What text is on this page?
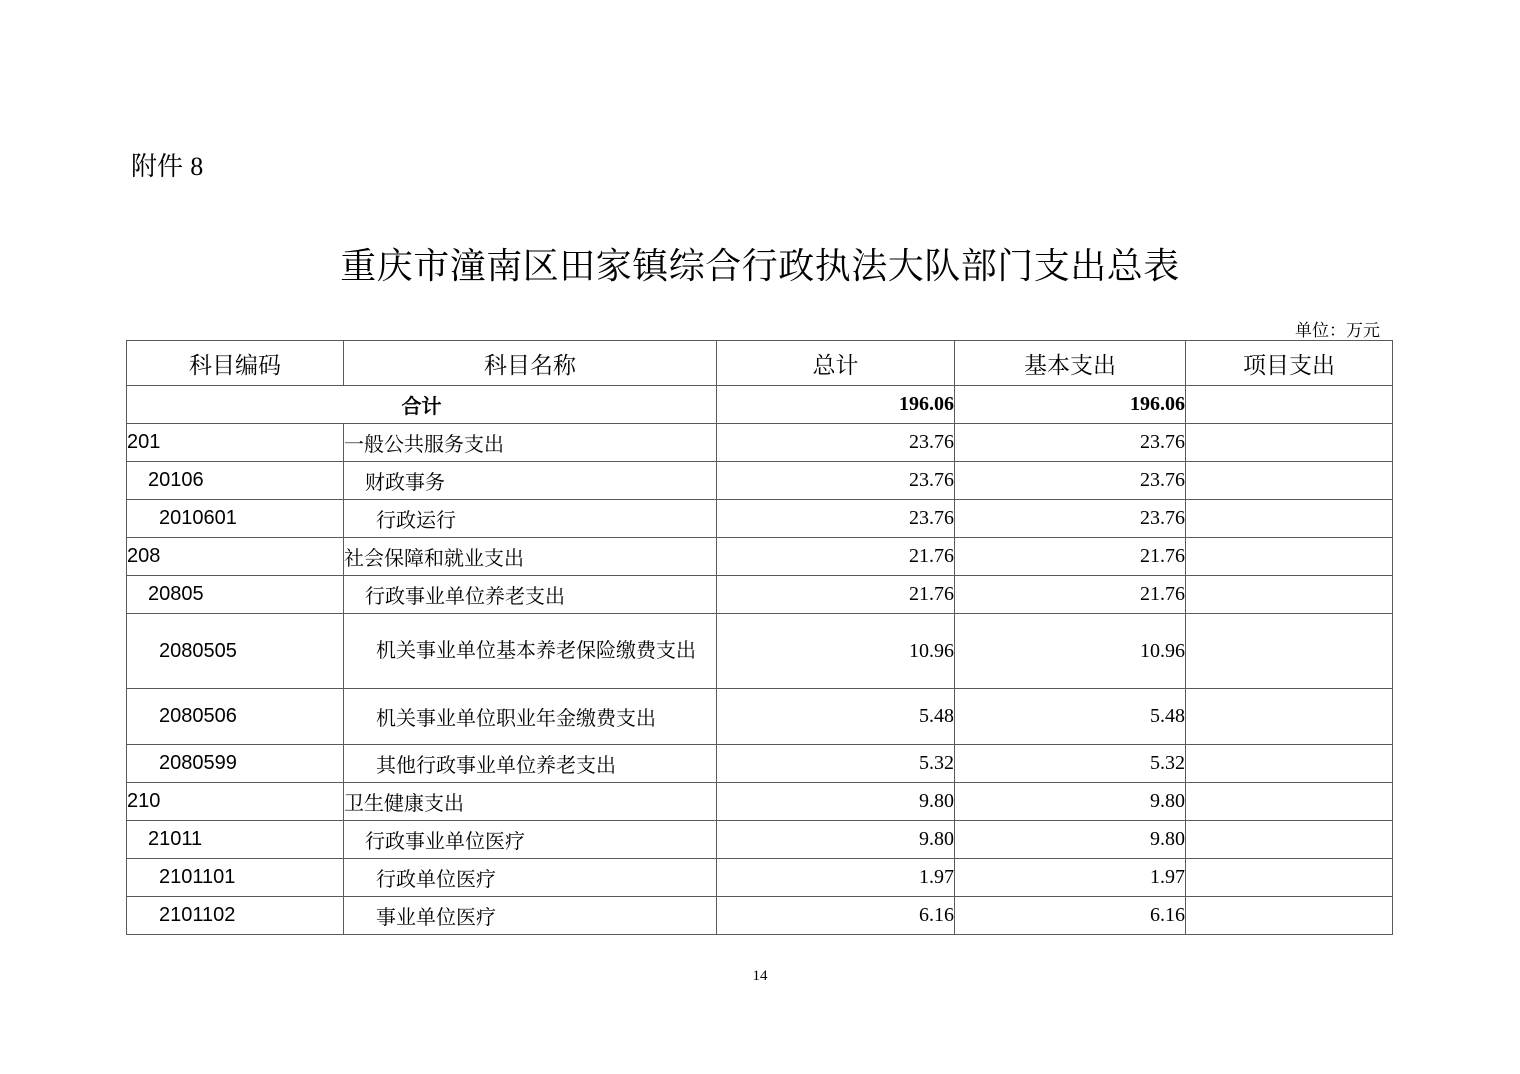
附件 8
重庆市潼南区田家镇综合行政执法大队部门支出总表
单位：万元
科目编码	科目名称	总计	基本支出	项目支出
合计		196.06	196.06	
201	一般公共服务支出	23.76	23.76	
20106	财政事务	23.76	23.76	
2010601	行政运行	23.76	23.76	
208	社会保障和就业支出	21.76	21.76	
20805	行政事业单位养老支出	21.76	21.76	
2080505	机关事业单位基本养老保险缴费支出	10.96	10.96	
2080506	机关事业单位职业年金缴费支出	5.48	5.48	
2080599	其他行政事业单位养老支出	5.32	5.32	
210	卫生健康支出	9.80	9.80	
21011	行政事业单位医疗	9.80	9.80	
2101101	行政单位医疗	1.97	1.97	
2101102	事业单位医疗	6.16	6.16	
14
